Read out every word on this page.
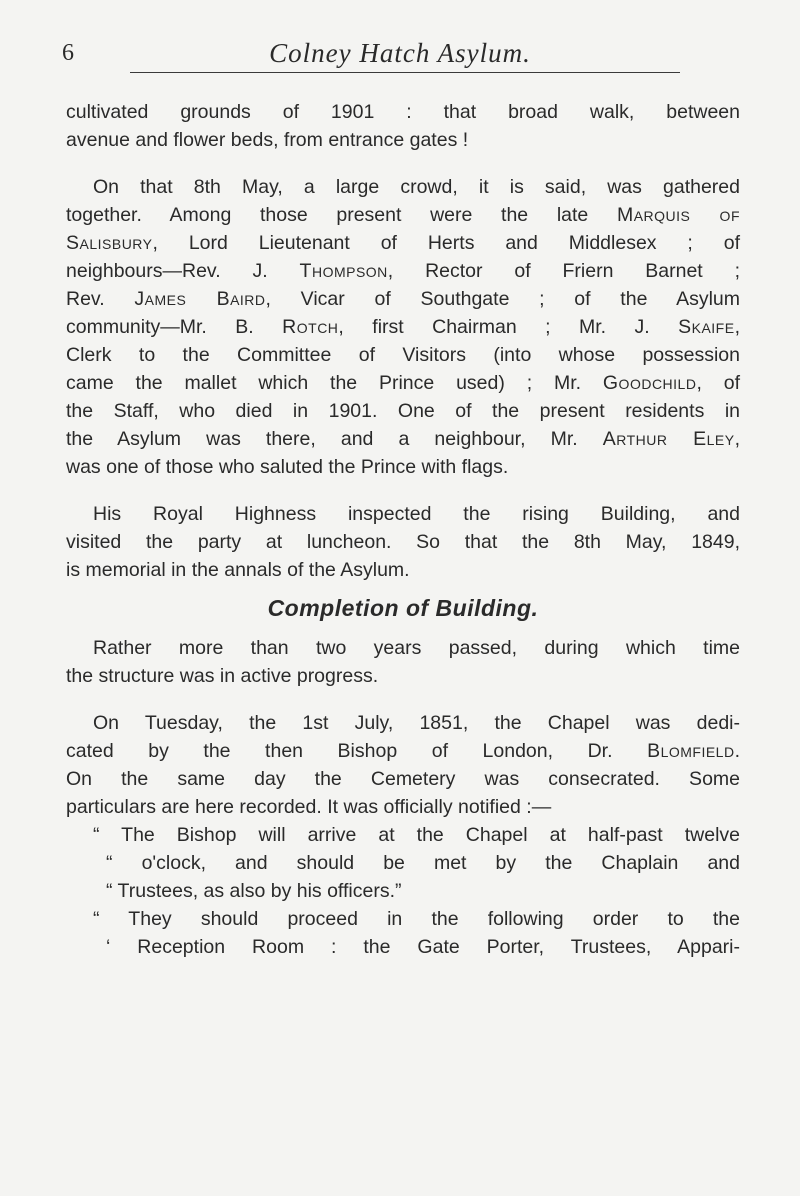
6	Colney Hatch Asylum.
cultivated grounds of 1901 : that broad walk, between
avenue and flower beds, from entrance gates !
On that 8th May, a large crowd, it is said, was gathered
together. Among those present were the late Marquis of
Salisbury, Lord Lieutenant of Herts and Middlesex ; of
neighbours—Rev. J. Thompson, Rector of Friern Barnet ;
Rev. James Baird, Vicar of Southgate ; of the Asylum
community—Mr. B. Rotch, first Chairman ; Mr. J. Skaife,
Clerk to the Committee of Visitors (into whose possession
came the mallet which the Prince used) ; Mr. Goodchild, of
the Staff, who died in 1901. One of the present residents in
the Asylum was there, and a neighbour, Mr. Arthur Eley,
was one of those who saluted the Prince with flags.
His Royal Highness inspected the rising Building, and
visited the party at luncheon. So that the 8th May, 1849,
is memorial in the annals of the Asylum.
Completion of Building.
Rather more than two years passed, during which time
the structure was in active progress.
On Tuesday, the 1st July, 1851, the Chapel was dedi-
cated by the then Bishop of London, Dr. Blomfield.
On the same day the Cemetery was consecrated. Some
particulars are here recorded. It was officially notified :—
“ The Bishop will arrive at the Chapel at half-past twelve
“ o'clock, and should be met by the Chaplain and
“ Trustees, as also by his officers.”
“ They should proceed in the following order to the
‘ Reception Room : the Gate Porter, Trustees, Appari-
